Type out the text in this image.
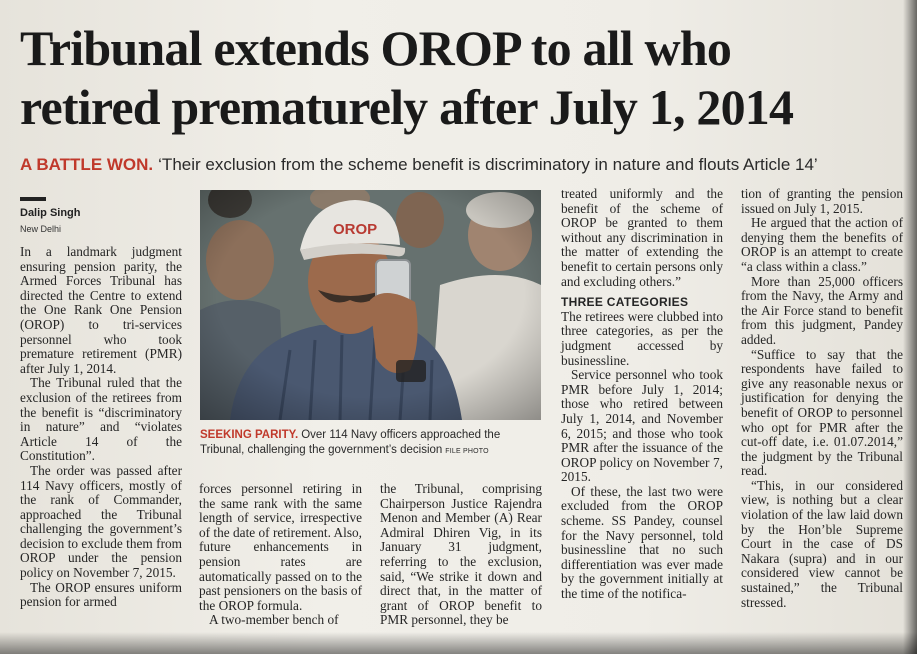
Tribunal extends OROP to all who
retired prematurely after July 1, 2014
A BATTLE WON. ‘Their exclusion from the scheme benefit is discriminatory in nature and flouts Article 14’
Dalip Singh
New Delhi

In a landmark judgment ensuring pension parity, the Armed Forces Tribunal has directed the Centre to extend the One Rank One Pension (OROP) to tri-services personnel who took premature retirement (PMR) after July 1, 2014.

The Tribunal ruled that the exclusion of the retirees from the benefit is “discriminatory in nature” and “violates Article 14 of the Constitution”.

The order was passed after 114 Navy officers, mostly of the rank of Commander, approached the Tribunal challenging the government’s decision to exclude them from OROP under the pension policy on November 7, 2015.

The OROP ensures uniform pension for armed

SEEKING PARITY. Over 114 Navy officers approached the Tribunal, challenging the government’s decision FILE PHOTO

forces personnel retiring in the same rank with the same length of service, irrespective of the date of retirement. Also, future enhancements in pension rates are automatically passed on to the past pensioners on the basis of the OROP formula.

A two-member bench of

the Tribunal, comprising Chairperson Justice Rajendra Menon and Member (A) Rear Admiral Dhiren Vig, in its January 31 judgment, referring to the exclusion, said, “We strike it down and direct that, in the matter of grant of OROP benefit to PMR personnel, they be

treated uniformly and the benefit of the scheme of OROP be granted to them without any discrimination in the matter of extending the benefit to certain persons only and excluding others.”

THREE CATEGORIES

The retirees were clubbed into three categories, as per the judgment accessed by businessline.

Service personnel who took PMR before July 1, 2014; those who retired between July 1, 2014, and November 6, 2015; and those who took PMR after the issuance of the OROP policy on November 7, 2015.

Of these, the last two were excluded from the OROP scheme. SS Pandey, counsel for the Navy personnel, told businessline that no such differentiation was ever made by the government initially at the time of the notifica-

tion of granting the pension issued on July 1, 2015.

He argued that the action of denying them the benefits of OROP is an attempt to create “a class within a class.”

More than 25,000 officers from the Navy, the Army and the Air Force stand to benefit from this judgment, Pandey added.

“Suffice to say that the respondents have failed to give any reasonable nexus or justification for denying the benefit of OROP to personnel who opt for PMR after the cut-off date, i.e. 01.07.2014,” the judgment by the Tribunal read.

“This, in our considered view, is nothing but a clear violation of the law laid down by the Hon’ble Supreme Court in the case of DS Nakara (supra) and in our considered view cannot be sustained,” the Tribunal stressed.
